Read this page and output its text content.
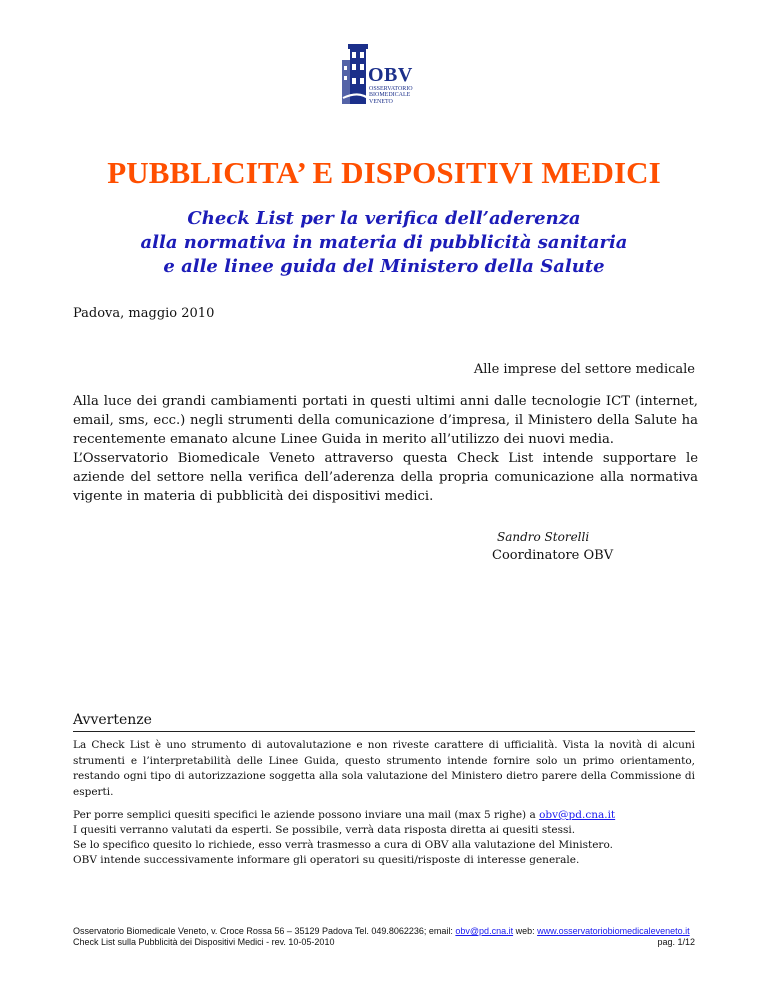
OBV
OSSERVATORIO
BIOMEDICALE
VENETO
PUBBLICITA’ E DISPOSITIVI MEDICI
Check List per la verifica dell’aderenza
alla normativa in materia di pubblicità sanitaria
e alle linee guida del Ministero della Salute
Padova, maggio 2010
Alle imprese del settore medicale

Alla luce dei grandi cambiamenti portati in questi ultimi anni dalle tecnologie ICT (internet, email, sms, ecc.) negli strumenti della comunicazione d’impresa, il Ministero della Salute ha recentemente emanato alcune Linee Guida in merito all’utilizzo dei nuovi media.

L’Osservatorio Biomedicale Veneto attraverso questa Check List intende supportare le aziende del settore nella verifica dell’aderenza della propria comunicazione alla normativa vigente in materia di pubblicità dei dispositivi medici.

Sandro Storelli
Coordinatore OBV
Avvertenze
La Check List è uno strumento di autovalutazione e non riveste carattere di ufficialità. Vista la novità di alcuni strumenti e l’interpretabilità delle Linee Guida, questo strumento intende fornire solo un primo orientamento, restando ogni tipo di autorizzazione soggetta alla sola valutazione del Ministero dietro parere della Commissione di esperti.
Per porre semplici quesiti specifici le aziende possono inviare una mail (max 5 righe) a obv@pd.cna.it
I quesiti verranno valutati da esperti. Se possibile, verrà data risposta diretta ai quesiti stessi.
Se lo specifico quesito lo richiede, esso verrà trasmesso a cura di OBV alla valutazione del Ministero.
OBV intende successivamente informare gli operatori su quesiti/risposte di interesse generale.
Osservatorio Biomedicale Veneto, v. Croce Rossa 56 – 35129 Padova Tel. 049.8062236; email: obv@pd.cna.it web: www.osservatoriobiomedicaleveneto.it
Check List sulla Pubblicità dei Dispositivi Medici - rev. 10-05-2010	pag. 1/12
